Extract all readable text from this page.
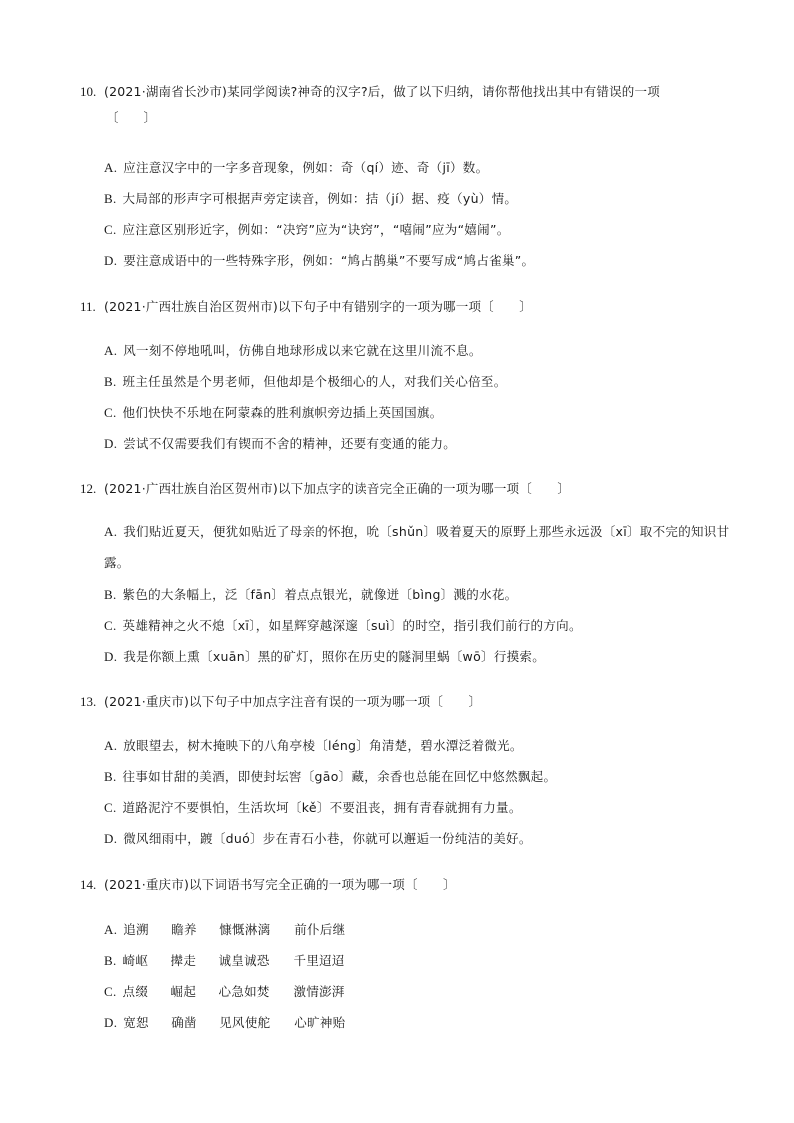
10. (2021·湖南省长沙市)某同学阅读?神奇的汉字?后，做了以下归纳，请你帮他找出其中有错误的一项
〔　　〕
A. 应注意汉字中的一字多音现象，例如：奇（qí）迹、奇（jī）数。
B. 大局部的形声字可根据声旁定读音，例如：拮（jí）据、疫（yù）情。
C. 应注意区别形近字，例如：“决窍”应为“诀窍”，“嘻闹”应为“嬉闹”。
D. 要注意成语中的一些特殊字形，例如：“鸠占鹊巢”不要写成“鸠占雀巢”。
11. (2021·广西壮族自治区贺州市)以下句子中有错别字的一项为哪一项〔　　〕
A. 风一刻不停地吼叫，仿佛自地球形成以来它就在这里川流不息。
B. 班主任虽然是个男老师，但他却是个极细心的人，对我们关心倍至。
C. 他们快快不乐地在阿蒙森的胜利旗帜旁边插上英国国旗。
D. 尝试不仅需要我们有锲而不舍的精神，还要有变通的能力。
12. (2021·广西壮族自治区贺州市)以下加点字的读音完全正确的一项为哪一项〔　　〕
A. 我们贴近夏天，便犹如贴近了母亲的怀抱，吮〔shǔn〕吸着夏天的原野上那些永远汲〔xī〕取不完的知识甘露。
B. 紫色的大条幅上，泛〔fān〕着点点银光，就像迸〔bìng〕溅的水花。
C. 英雄精神之火不熄〔xī〕，如星辉穿越深邃〔suì〕的时空，指引我们前行的方向。
D. 我是你额上熏〔xuān〕黑的矿灯，照你在历史的隧洞里蜗〔wō〕行摸索。
13. (2021·重庆市)以下句子中加点字注音有误的一项为哪一项〔　　〕
A. 放眼望去，树木掩映下的八角亭棱〔léng〕角清楚，碧水潭泛着微光。
B. 往事如甘甜的美酒，即使封坛窖〔gāo〕藏，余香也总能在回忆中悠然飘起。
C. 道路泥泞不要惧怕，生活坎坷〔kě〕不要沮丧，拥有青春就拥有力量。
D. 微风细雨中，踱〔duó〕步在青石小巷，你就可以邂逅一份纯洁的美好。
14. (2021·重庆市)以下词语书写完全正确的一项为哪一项〔　　〕
A. 追溯 瞻养 慷慨淋漓 前仆后继
B. 崎岖 撵走 诚皇诚恐 千里迢迢
C. 点缀 崛起 心急如焚 激情澎湃
D. 宽恕 确凿 见风使舵 心旷神贻
